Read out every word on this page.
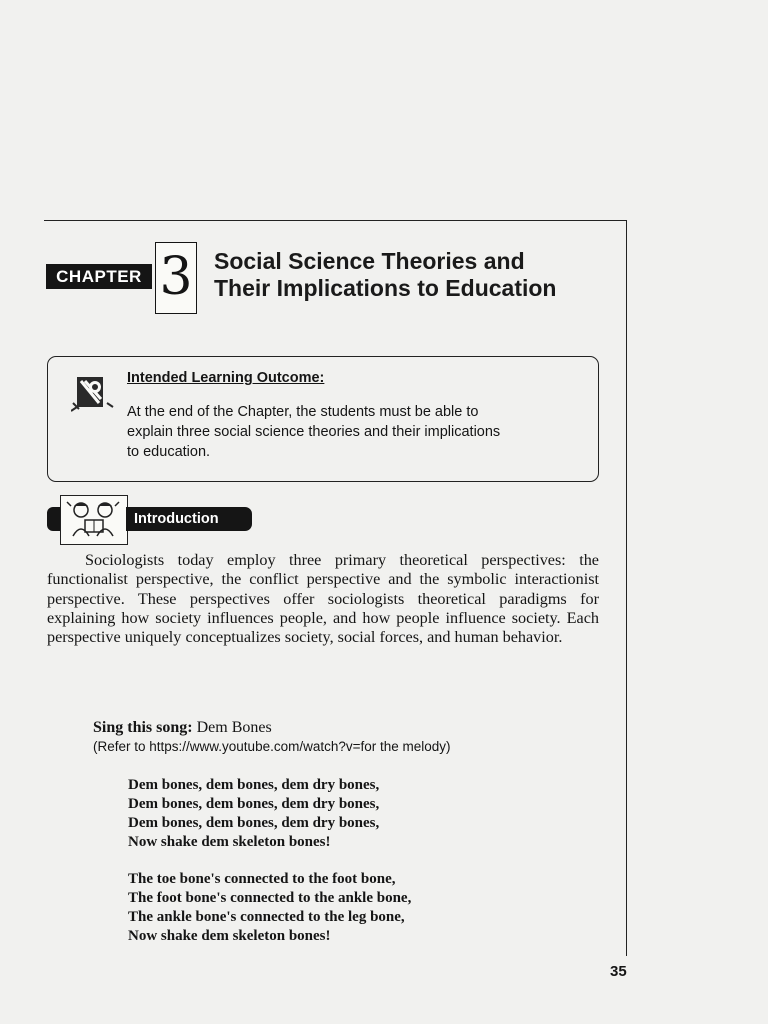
CHAPTER 3 Social Science Theories and
Their Implications to Education
Intended Learning Outcome:
At the end of the Chapter, the students must be able to
explain three social science theories and their implications
to education.
Introduction
Sociologists today employ three primary theoretical perspectives: the functionalist perspective, the conflict perspective and the symbolic interactionist perspective. These perspectives offer sociologists theoretical paradigms for explaining how society influences people, and how people influence society. Each perspective uniquely conceptualizes society, social forces, and human behavior.
Sing this song: Dem Bones
(Refer to https://www.youtube.com/watch?v=for the melody)
Dem bones, dem bones, dem dry bones,
Dem bones, dem bones, dem dry bones,
Dem bones, dem bones, dem dry bones,
Now shake dem skeleton bones!
The toe bone's connected to the foot bone,
The foot bone's connected to the ankle bone,
The ankle bone's connected to the leg bone,
Now shake dem skeleton bones!
35
